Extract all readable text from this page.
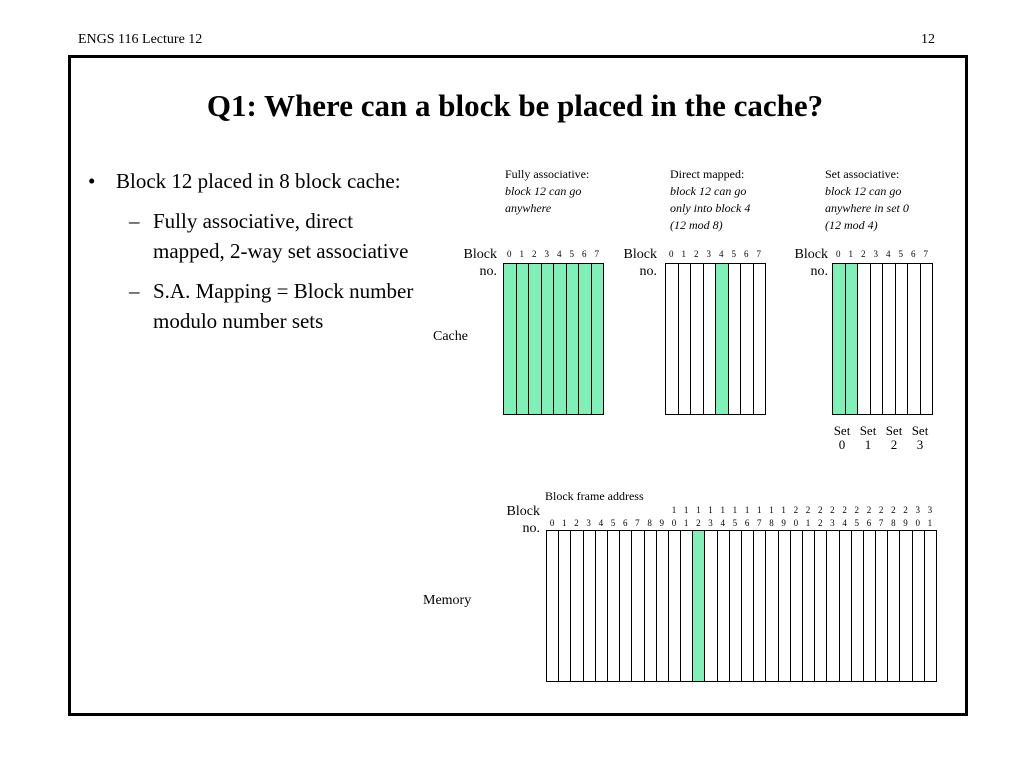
ENGS 116 Lecture 12	12
Q1: Where can a block be placed in the cache?
• Block 12 placed in 8 block cache:
– Fully associative, direct mapped, 2-way set associative
– S.A. Mapping = Block number modulo number sets
Fully associative:
block 12 can go
anywhere
Direct mapped:
block 12 can go
only into block 4
(12 mod 8)
Set associative:
block 12 can go
anywhere in set 0
(12 mod 4)
Block
no.
Block
no.
Block
no.
Cache
0 1 2 3 4 5 6 7	0 1 2 3 4 5 6 7	0 1 2 3 4 5 6 7
Set
0
Set
1
Set
2
Set
3
Block frame address
Block
no.
1 1 1 1 1 1 1 1 1 1 2 2 2 2 2 2 2 2 2 2 3 3
0 1 2 3 4 5 6 7 8 9 0 1 2 3 4 5 6 7 8 9 0 1 2 3 4 5 6 7 8 9 0 1
Memory
